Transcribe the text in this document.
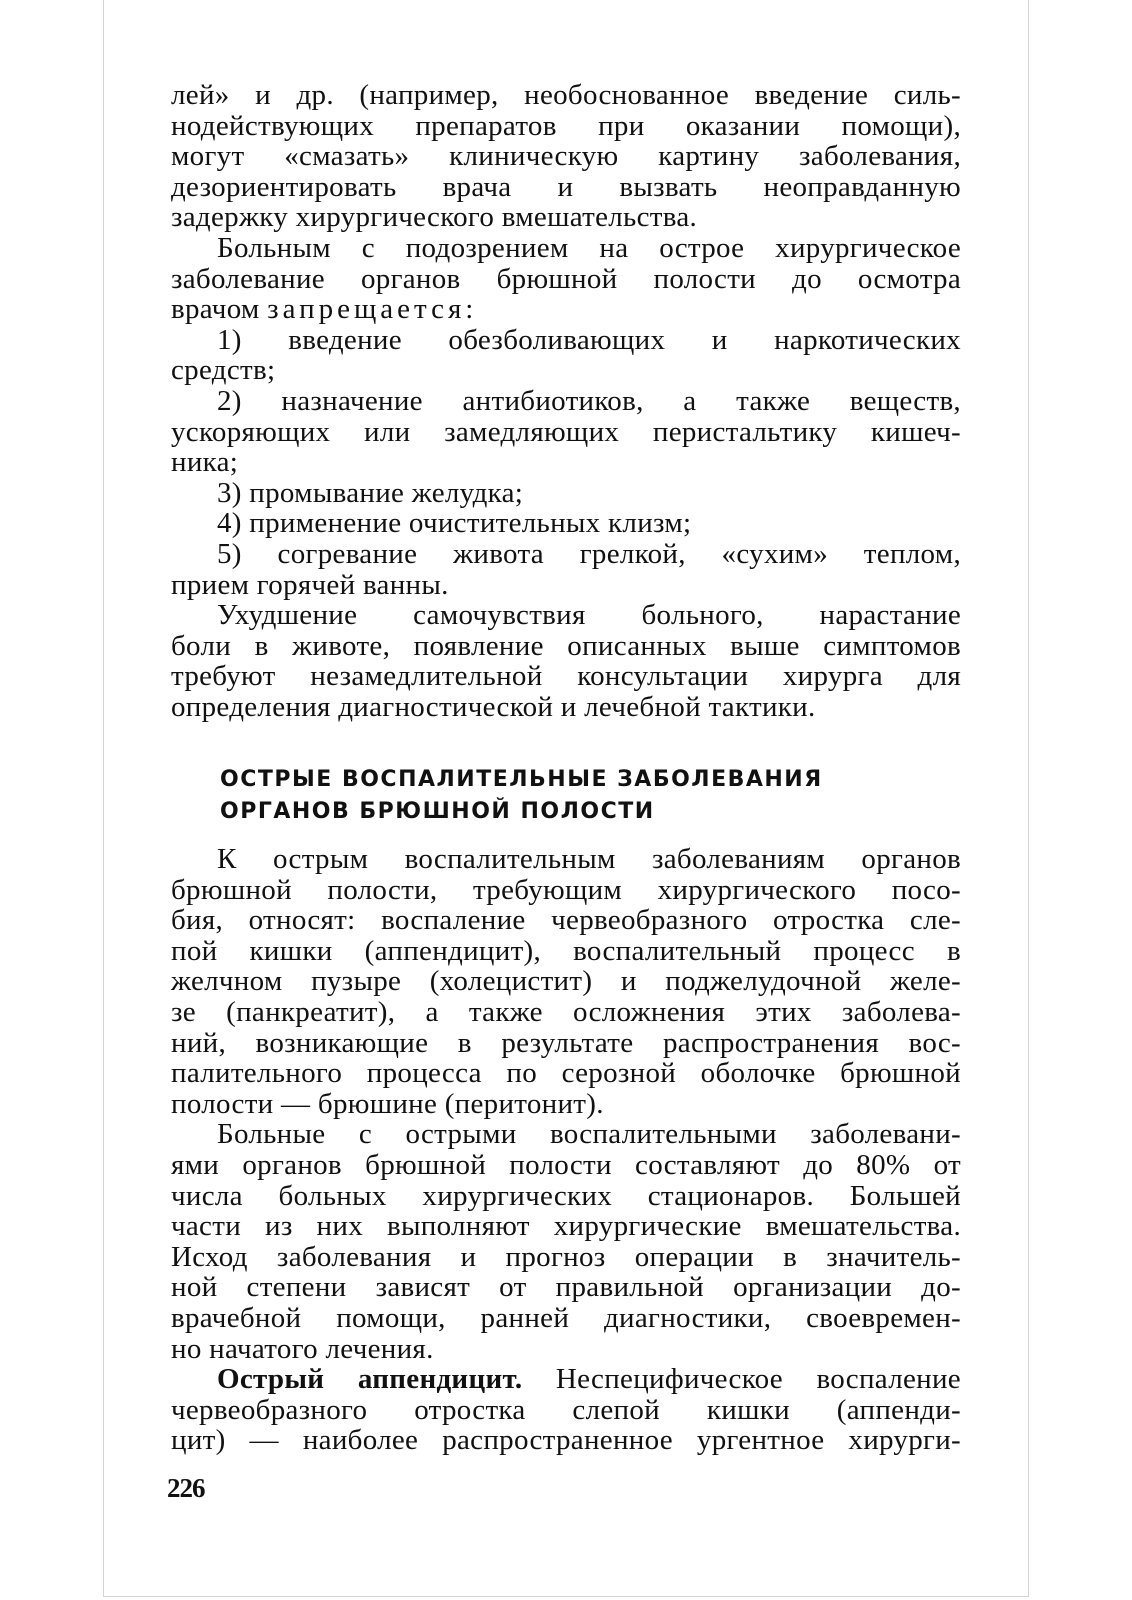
лей» и др. (например, необоснованное введение силь-

нодействующих препаратов при оказании помощи),

могут «смазать» клиническую картину заболевания,

дезориентировать врача и вызвать неоправданную

задержку хирургического вмешательства.

Больным с подозрением на острое хирургическое

заболевание органов брюшной полости до осмотра

врачом запрещается:

1) введение обезболивающих и наркотических

средств;

2) назначение антибиотиков, а также веществ,

ускоряющих или замедляющих перистальтику кишеч-

ника;

3) промывание желудка;

4) применение очистительных клизм;

5) согревание живота грелкой, «сухим» теплом,

прием горячей ванны.

Ухудшение самочувствия больного, нарастание

боли в животе, появление описанных выше симптомов

требуют незамедлительной консультации хирурга для

определения диагностической и лечебной тактики.

ОСТРЫЕ ВОСПАЛИТЕЛЬНЫЕ ЗАБОЛЕВАНИЯ
ОРГАНОВ БРЮШНОЙ ПОЛОСТИ

К острым воспалительным заболеваниям органов

брюшной полости, требующим хирургического посо-

бия, относят: воспаление червеобразного отростка сле-

пой кишки (аппендицит), воспалительный процесс в

желчном пузыре (холецистит) и поджелудочной желе-

зе (панкреатит), а также осложнения этих заболева-

ний, возникающие в результате распространения вос-

палительного процесса по серозной оболочке брюшной

полости — брюшине (перитонит).

Больные с острыми воспалительными заболевани-

ями органов брюшной полости составляют до 80% от

числа больных хирургических стационаров. Большей

части из них выполняют хирургические вмешательства.

Исход заболевания и прогноз операции в значитель-

ной степени зависят от правильной организации до-

врачебной помощи, ранней диагностики, своевремен-

но начатого лечения.

Острый аппендицит. Неспецифическое воспаление

червеобразного отростка слепой кишки (аппенди-

цит) — наиболее распространенное ургентное хирурги-

226
